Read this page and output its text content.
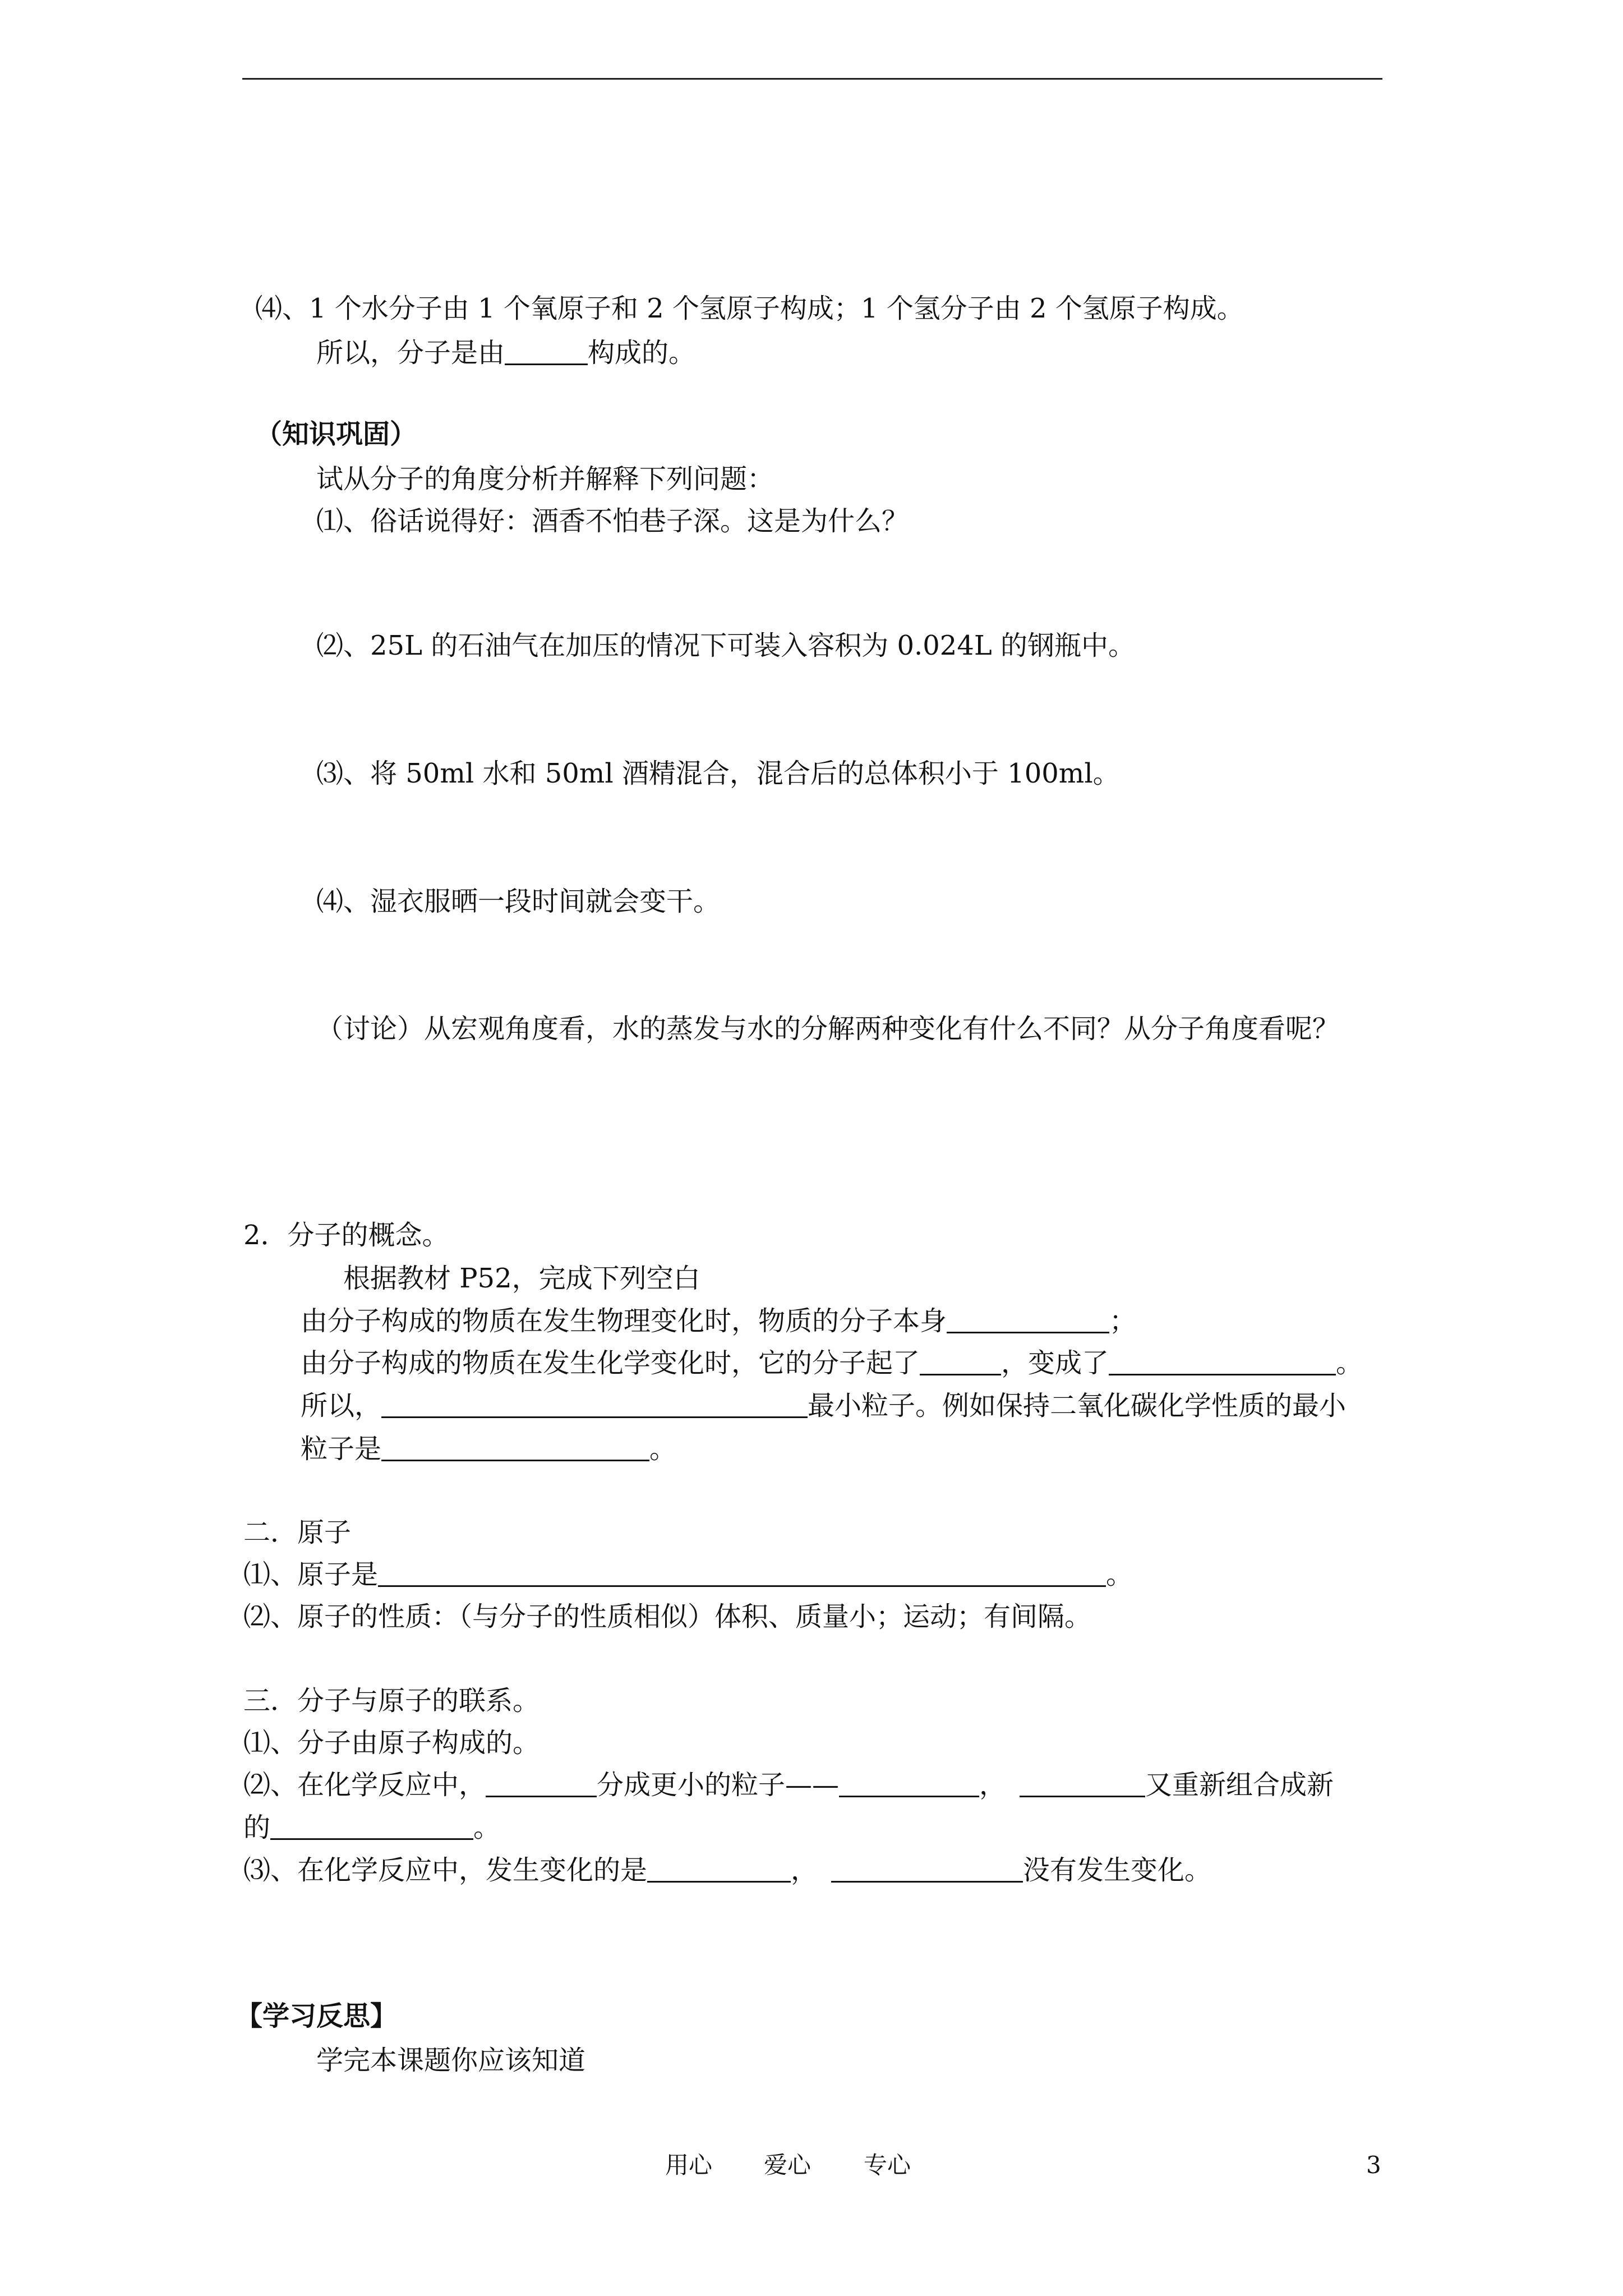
⑷、1 个水分子由 1 个氧原子和 2 个氢原子构成；1 个氢分子由 2 个氢原子构成。
所以，分子是由	构成的。
（知识巩固）
试从分子的角度分析并解释下列问题：
⑴、俗话说得好：酒香不怕巷子深。这是为什么？
⑵、25L 的石油气在加压的情况下可装入容积为 0.024L 的钢瓶中。
⑶、将 50ml 水和 50ml 酒精混合，混合后的总体积小于 100ml。
⑷、湿衣服晒一段时间就会变干。
（讨论）从宏观角度看，水的蒸发与水的分解两种变化有什么不同？从分子角度看呢？
2．分子的概念。
根据教材 P52，完成下列空白
由分子构成的物质在发生物理变化时，物质的分子本身	；
由分子构成的物质在发生化学变化时，它的分子起了	，变成了	。
所以，	最小粒子。例如保持二氧化碳化学性质的最小
粒子是	。
二．原子
⑴、原子是	。
⑵、原子的性质：（与分子的性质相似）体积、质量小；运动；有间隔。
三．分子与原子的联系。
⑴、分子由原子构成的。
⑵、在化学反应中，	分成更小的粒子——	，	又重新组合成新
的	。
⑶、在化学反应中，发生变化的是	，	没有发生变化。
【学习反思】
学完本课题你应该知道
用心 爱心 专心	3
